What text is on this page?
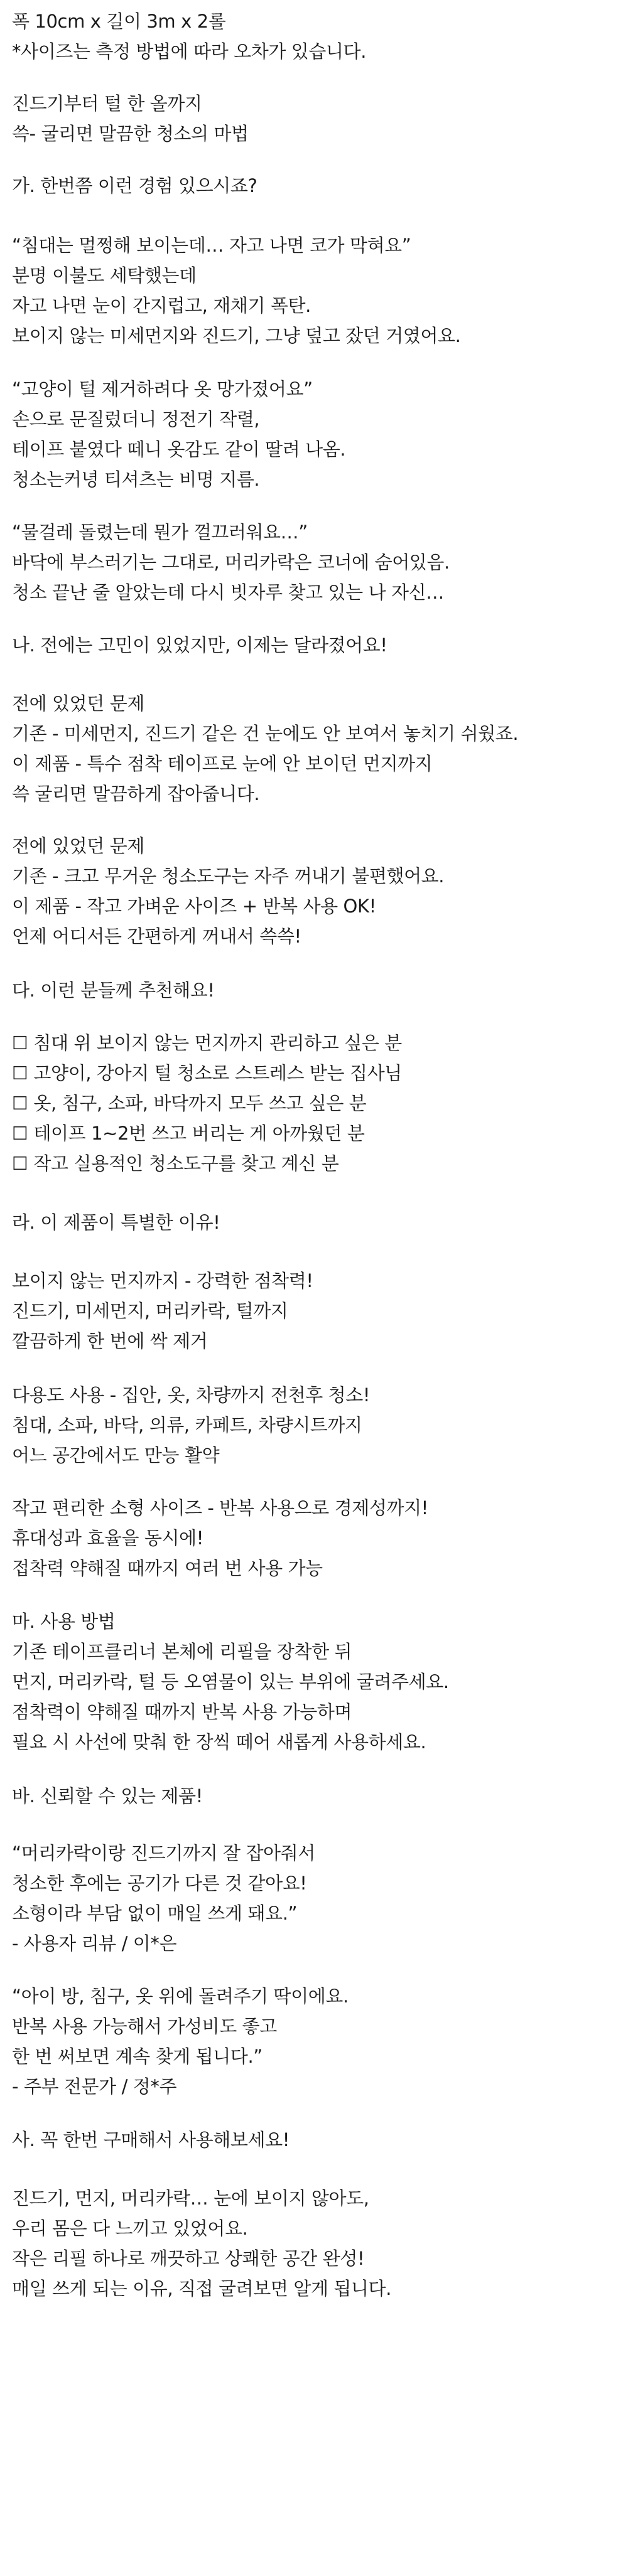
폭 10cm x 길이 3m x 2롤
*사이즈는 측정 방법에 따라 오차가 있습니다.
진드기부터 털 한 올까지
쓱- 굴리면 말끔한 청소의 마법
가. 한번쯤 이런 경험 있으시죠?
“침대는 멀쩡해 보이는데… 자고 나면 코가 막혀요”
분명 이불도 세탁했는데
자고 나면 눈이 간지럽고, 재채기 폭탄.
보이지 않는 미세먼지와 진드기, 그냥 덮고 잤던 거였어요.
“고양이 털 제거하려다 옷 망가졌어요”
손으로 문질렀더니 정전기 작렬,
테이프 붙였다 떼니 옷감도 같이 딸려 나옴.
청소는커녕 티셔츠는 비명 지름.
“물걸레 돌렸는데 뭔가 껄끄러워요…”
바닥에 부스러기는 그대로, 머리카락은 코너에 숨어있음.
청소 끝난 줄 알았는데 다시 빗자루 찾고 있는 나 자신…
나. 전에는 고민이 있었지만, 이제는 달라졌어요!
전에 있었던 문제
기존 - 미세먼지, 진드기 같은 건 눈에도 안 보여서 놓치기 쉬웠죠.
이 제품 - 특수 점착 테이프로 눈에 안 보이던 먼지까지
쓱 굴리면 말끔하게 잡아줍니다.
전에 있었던 문제
기존 - 크고 무거운 청소도구는 자주 꺼내기 불편했어요.
이 제품 - 작고 가벼운 사이즈 + 반복 사용 OK!
언제 어디서든 간편하게 꺼내서 쓱쓱!
다. 이런 분들께 추천해요!
☐ 침대 위 보이지 않는 먼지까지 관리하고 싶은 분
☐ 고양이, 강아지 털 청소로 스트레스 받는 집사님
☐ 옷, 침구, 소파, 바닥까지 모두 쓰고 싶은 분
☐ 테이프 1~2번 쓰고 버리는 게 아까웠던 분
☐ 작고 실용적인 청소도구를 찾고 계신 분
라. 이 제품이 특별한 이유!
보이지 않는 먼지까지 - 강력한 점착력!
진드기, 미세먼지, 머리카락, 털까지
깔끔하게 한 번에 싹 제거
다용도 사용 - 집안, 옷, 차량까지 전천후 청소!
침대, 소파, 바닥, 의류, 카페트, 차량시트까지
어느 공간에서도 만능 활약
작고 편리한 소형 사이즈 - 반복 사용으로 경제성까지!
휴대성과 효율을 동시에!
접착력 약해질 때까지 여러 번 사용 가능
마. 사용 방법
기존 테이프클리너 본체에 리필을 장착한 뒤
먼지, 머리카락, 털 등 오염물이 있는 부위에 굴려주세요.
점착력이 약해질 때까지 반복 사용 가능하며
필요 시 사선에 맞춰 한 장씩 떼어 새롭게 사용하세요.
바. 신뢰할 수 있는 제품!
“머리카락이랑 진드기까지 잘 잡아줘서
청소한 후에는 공기가 다른 것 같아요!
소형이라 부담 없이 매일 쓰게 돼요.”
- 사용자 리뷰 / 이*은
“아이 방, 침구, 옷 위에 돌려주기 딱이에요.
반복 사용 가능해서 가성비도 좋고
한 번 써보면 계속 찾게 됩니다.”
- 주부 전문가 / 정*주
사. 꼭 한번 구매해서 사용해보세요!
진드기, 먼지, 머리카락… 눈에 보이지 않아도,
우리 몸은 다 느끼고 있었어요.
작은 리필 하나로 깨끗하고 상쾌한 공간 완성!
매일 쓰게 되는 이유, 직접 굴려보면 알게 됩니다.
